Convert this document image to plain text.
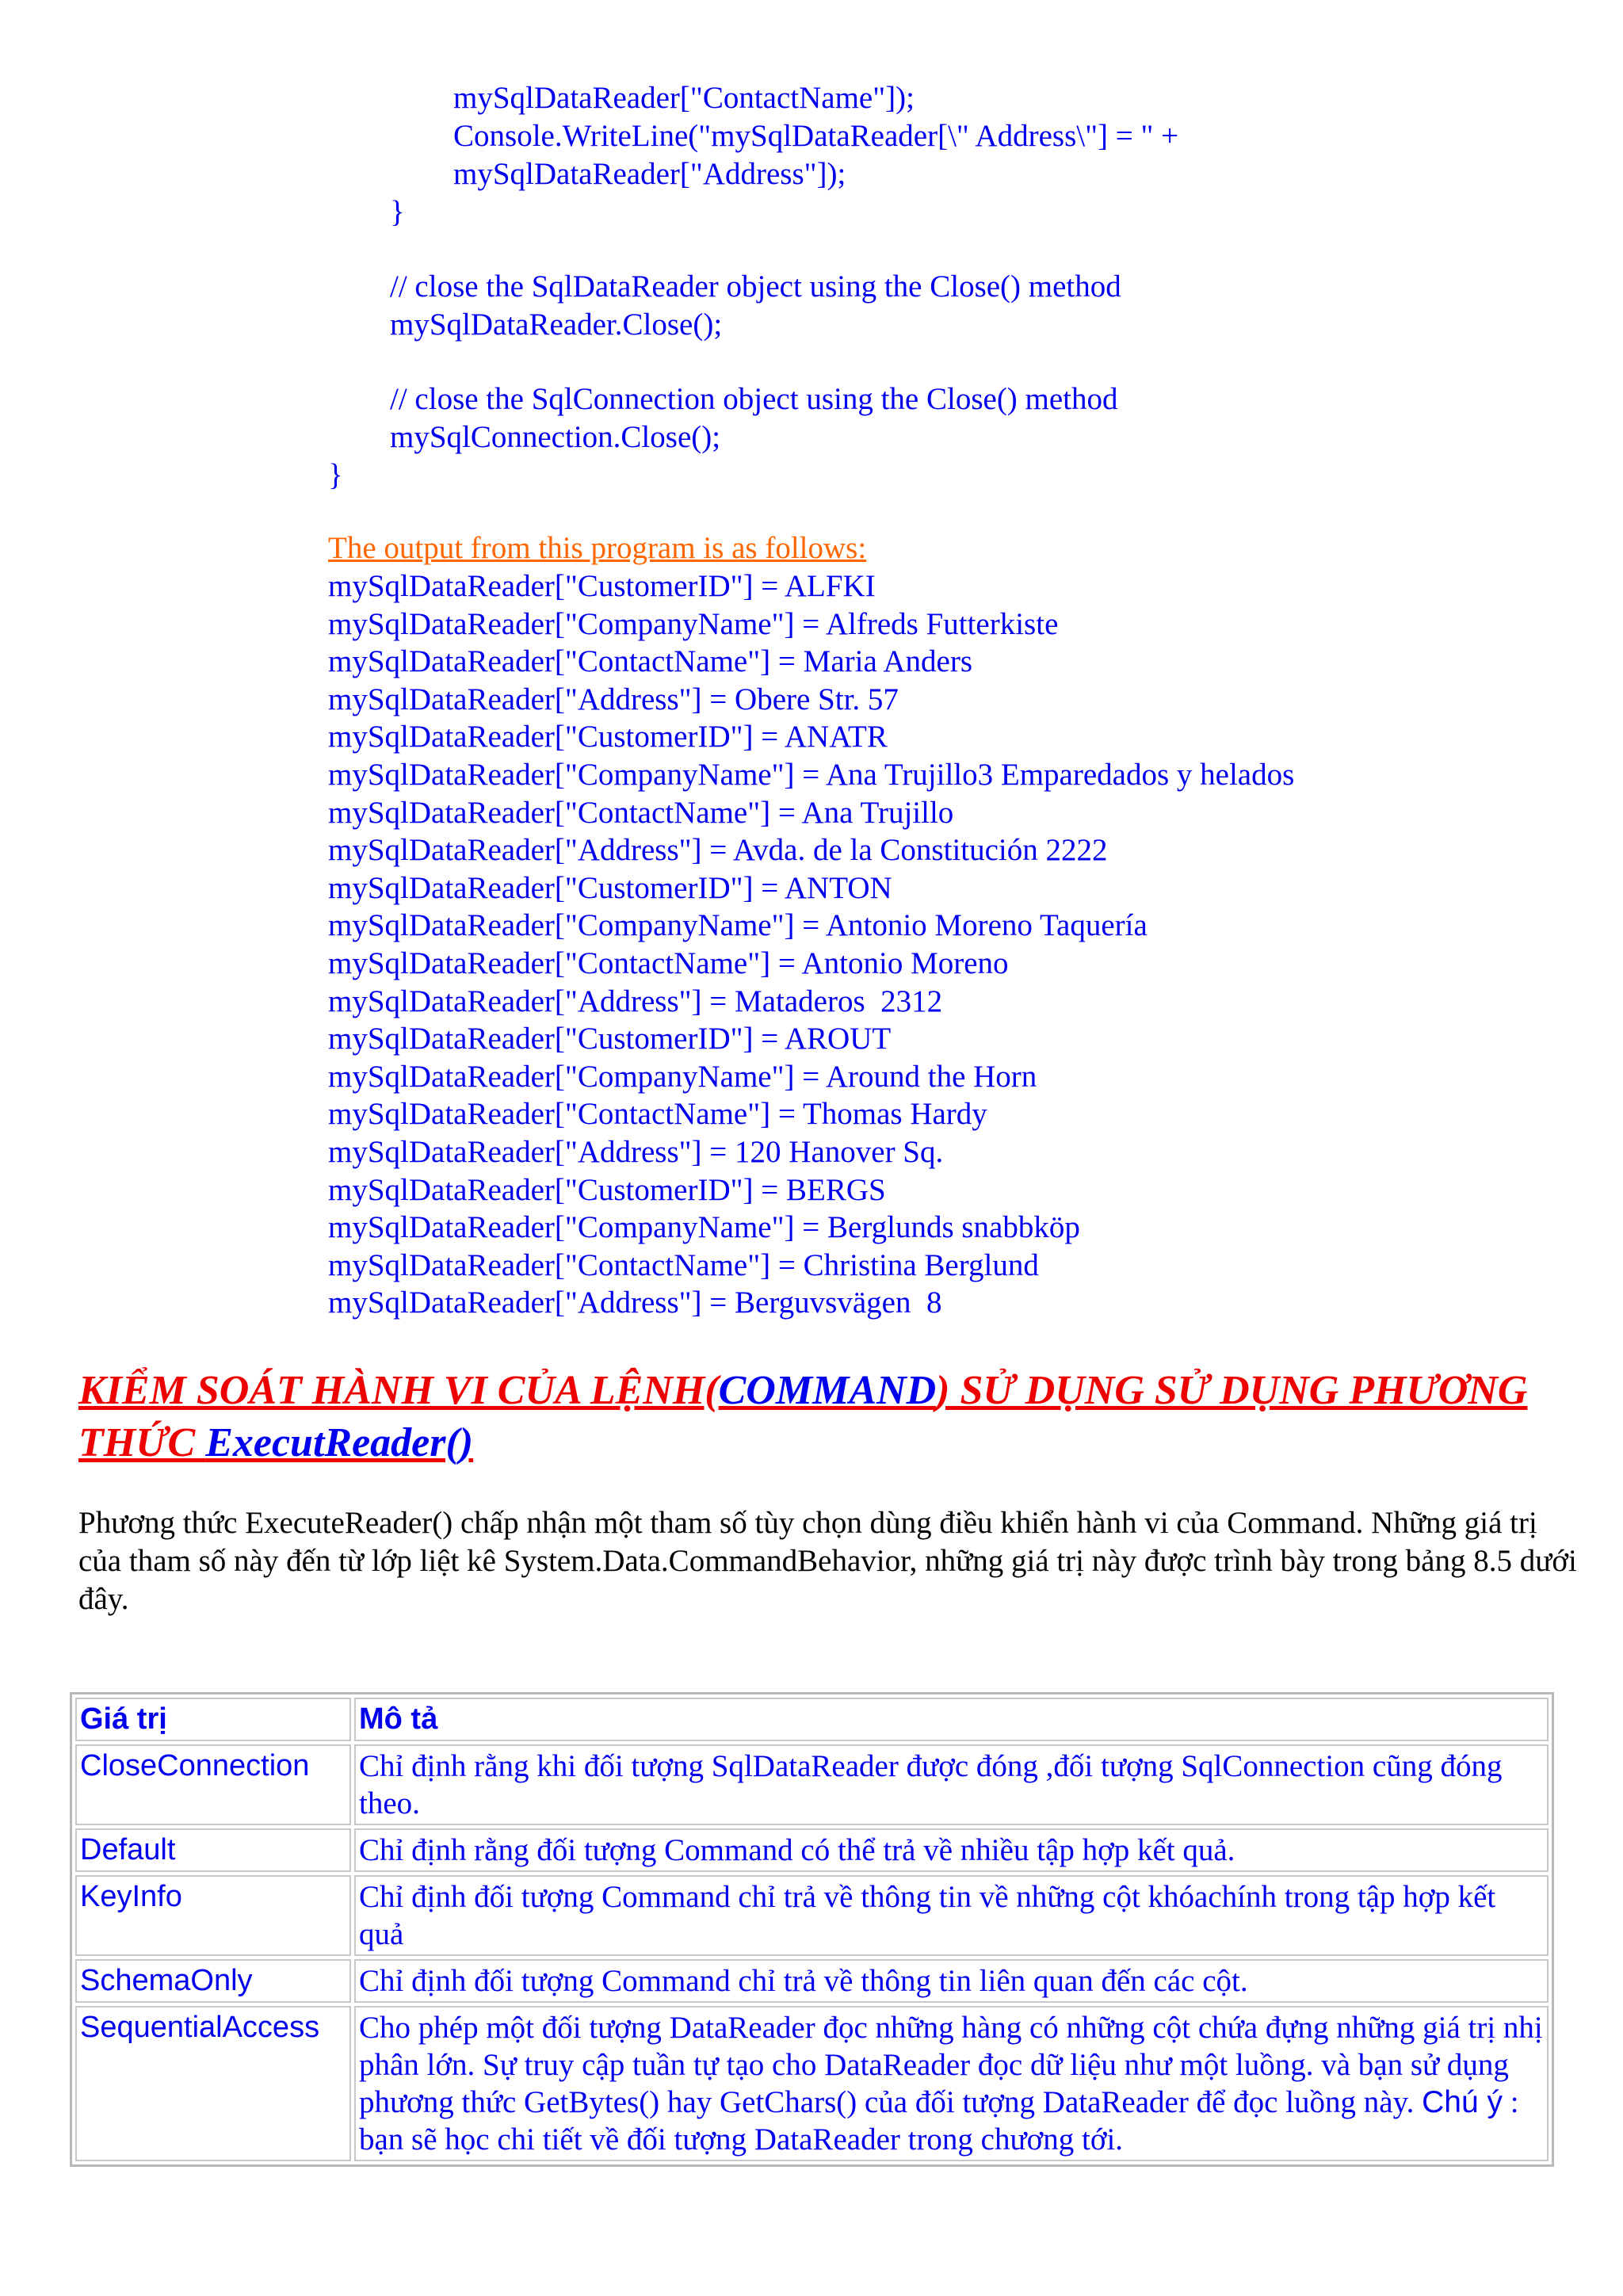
mySqlDataReader["ContactName"]);
Console.WriteLine("mySqlDataReader[\" Address\"] = " +
mySqlDataReader["Address"]);
}
// close the SqlDataReader object using the Close() method
mySqlDataReader.Close();
// close the SqlConnection object using the Close() method
mySqlConnection.Close();
}
The output from this program is as follows:
mySqlDataReader["CustomerID"] = ALFKI
mySqlDataReader["CompanyName"] = Alfreds Futterkiste
mySqlDataReader["ContactName"] = Maria Anders
mySqlDataReader["Address"] = Obere Str. 57
mySqlDataReader["CustomerID"] = ANATR
mySqlDataReader["CompanyName"] = Ana Trujillo3 Emparedados y helados
mySqlDataReader["ContactName"] = Ana Trujillo
mySqlDataReader["Address"] = Avda. de la Constitución 2222
mySqlDataReader["CustomerID"] = ANTON
mySqlDataReader["CompanyName"] = Antonio Moreno Taquería
mySqlDataReader["ContactName"] = Antonio Moreno
mySqlDataReader["Address"] = Mataderos  2312
mySqlDataReader["CustomerID"] = AROUT
mySqlDataReader["CompanyName"] = Around the Horn
mySqlDataReader["ContactName"] = Thomas Hardy
mySqlDataReader["Address"] = 120 Hanover Sq.
mySqlDataReader["CustomerID"] = BERGS
mySqlDataReader["CompanyName"] = Berglunds snabbköp
mySqlDataReader["ContactName"] = Christina Berglund
mySqlDataReader["Address"] = Berguvsvägen  8
KIỂM SOÁT HÀNH VI CỦA LỆNH(COMMAND) SỬ DỤNG SỬ DỤNG PHƯƠNG THỨC ExecutReader()
Phương thức ExecuteReader() chấp nhận một tham số tùy chọn dùng điều khiển hành vi của Command. Những giá trị của tham số này đến từ lớp liệt kê System.Data.CommandBehavior, những giá trị này được trình bày trong bảng 8.5 dưới đây.
Giá trị	Mô tả
CloseConnection	Chỉ định rằng khi đối tượng SqlDataReader được đóng ,đối tượng SqlConnection cũng đóng theo.
Default	Chỉ định rằng đối tượng Command có thể trả về nhiều tập hợp kết quả.
KeyInfo	Chỉ định đối tượng Command chỉ trả về thông tin về những cột khóachính trong tập hợp kết quả
SchemaOnly	Chỉ định đối tượng Command chỉ trả về thông tin liên quan đến các cột.
SequentialAccess	Cho phép một đối tượng DataReader đọc những hàng có những cột chứa đựng những giá trị nhị phân lớn. Sự truy cập tuần tự tạo cho DataReader đọc dữ liệu như một luồng. và bạn sử dụng phương thức GetBytes() hay GetChars() của đối tượng DataReader để đọc luồng này. Chú ý : bạn sẽ học chi tiết về đối tượng DataReader trong chương tới.
